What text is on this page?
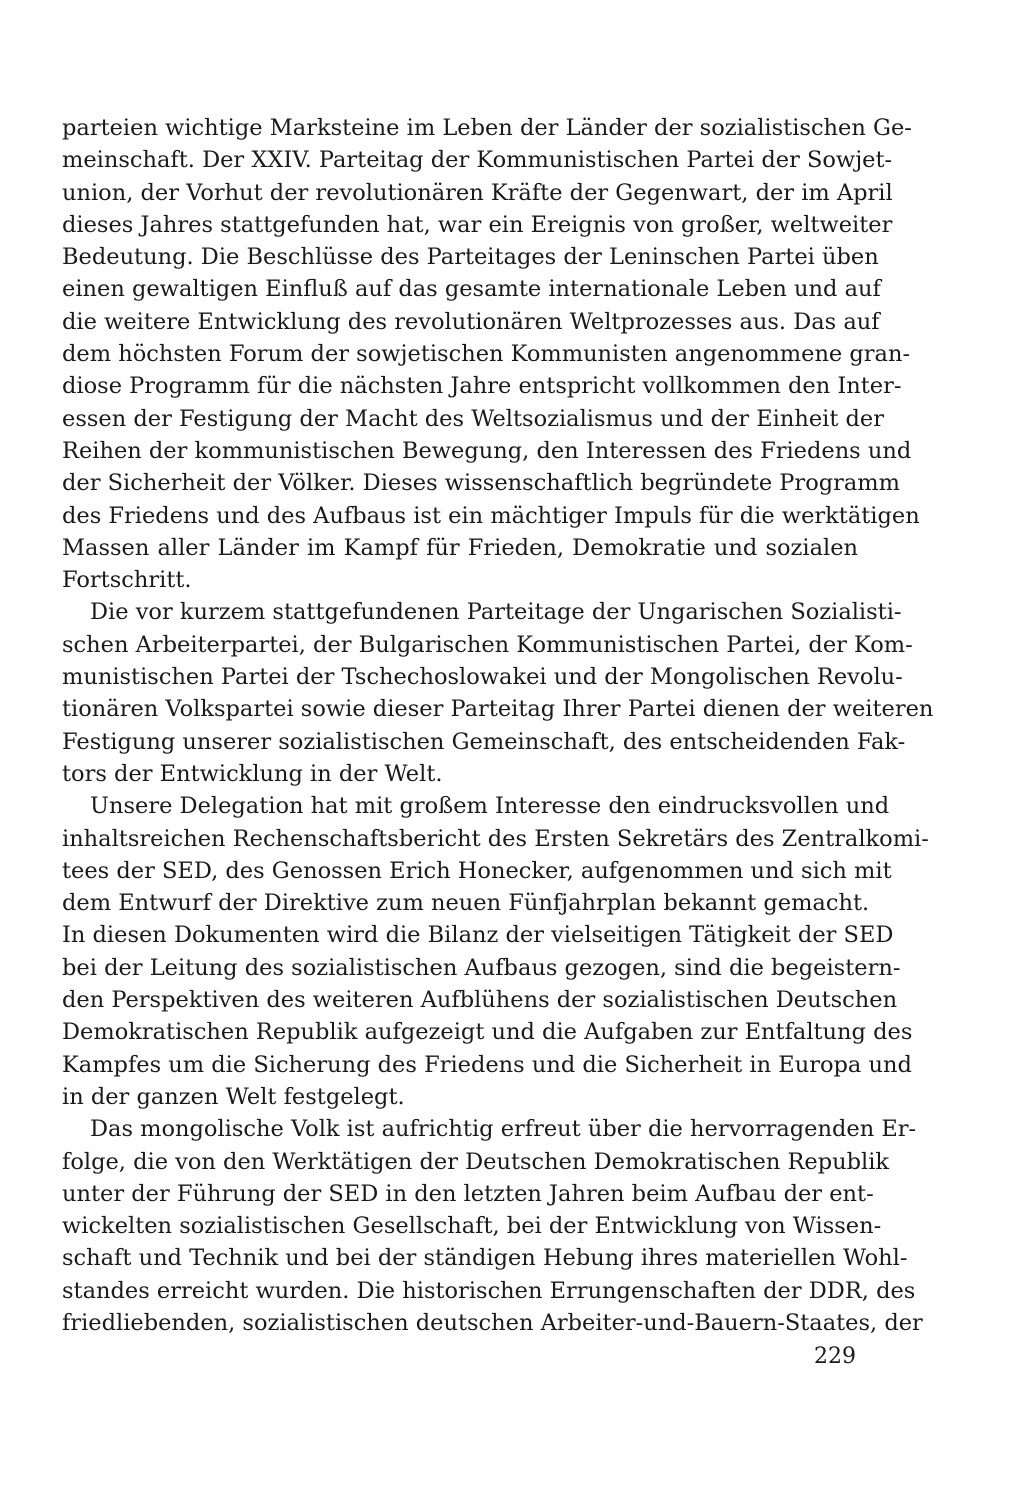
parteien wichtige Marksteine im Leben der Länder der sozialistischen Ge-
meinschaft. Der XXIV. Parteitag der Kommunistischen Partei der Sowjet-
union, der Vorhut der revolutionären Kräfte der Gegenwart, der im April
dieses Jahres stattgefunden hat, war ein Ereignis von großer, weltweiter
Bedeutung. Die Beschlüsse des Parteitages der Leninschen Partei üben
einen gewaltigen Einfluß auf das gesamte internationale Leben und auf
die weitere Entwicklung des revolutionären Weltprozesses aus. Das auf
dem höchsten Forum der sowjetischen Kommunisten angenommene gran-
diose Programm für die nächsten Jahre entspricht vollkommen den Inter-
essen der Festigung der Macht des Weltsozialismus und der Einheit der
Reihen der kommunistischen Bewegung, den Interessen des Friedens und
der Sicherheit der Völker. Dieses wissenschaftlich begründete Programm
des Friedens und des Aufbaus ist ein mächtiger Impuls für die werktätigen
Massen aller Länder im Kampf für Frieden, Demokratie und sozialen
Fortschritt.
Die vor kurzem stattgefundenen Parteitage der Ungarischen Sozialisti-
schen Arbeiterpartei, der Bulgarischen Kommunistischen Partei, der Kom-
munistischen Partei der Tschechoslowakei und der Mongolischen Revolu-
tionären Volkspartei sowie dieser Parteitag Ihrer Partei dienen der weiteren
Festigung unserer sozialistischen Gemeinschaft, des entscheidenden Fak-
tors der Entwicklung in der Welt.
Unsere Delegation hat mit großem Interesse den eindrucksvollen und
inhaltsreichen Rechenschaftsbericht des Ersten Sekretärs des Zentralkomi-
tees der SED, des Genossen Erich Honecker, aufgenommen und sich mit
dem Entwurf der Direktive zum neuen Fünfjahrplan bekannt gemacht.
In diesen Dokumenten wird die Bilanz der vielseitigen Tätigkeit der SED
bei der Leitung des sozialistischen Aufbaus gezogen, sind die begeistern-
den Perspektiven des weiteren Aufblühens der sozialistischen Deutschen
Demokratischen Republik aufgezeigt und die Aufgaben zur Entfaltung des
Kampfes um die Sicherung des Friedens und die Sicherheit in Europa und
in der ganzen Welt festgelegt.
Das mongolische Volk ist aufrichtig erfreut über die hervorragenden Er-
folge, die von den Werktätigen der Deutschen Demokratischen Republik
unter der Führung der SED in den letzten Jahren beim Aufbau der ent-
wickelten sozialistischen Gesellschaft, bei der Entwicklung von Wissen-
schaft und Technik und bei der ständigen Hebung ihres materiellen Wohl-
standes erreicht wurden. Die historischen Errungenschaften der DDR, des
friedliebenden, sozialistischen deutschen Arbeiter-und-Bauern-Staates, der
229
